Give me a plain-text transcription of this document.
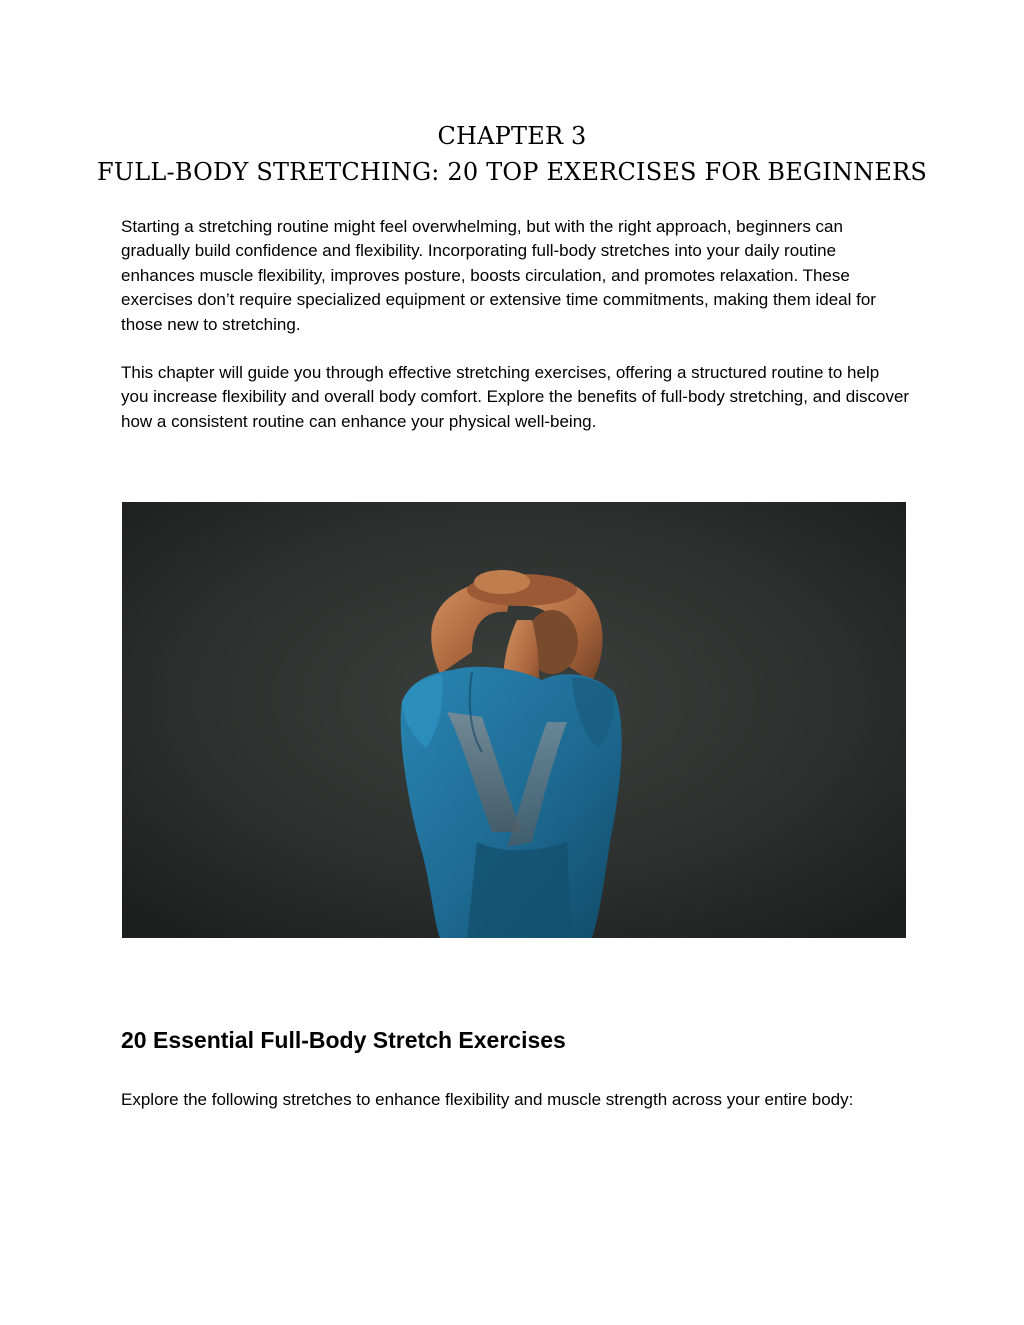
CHAPTER 3
FULL-BODY STRETCHING: 20 TOP EXERCISES FOR BEGINNERS

Starting a stretching routine might feel overwhelming, but with the right approach, beginners can gradually build confidence and flexibility. Incorporating full-body stretches into your daily routine enhances muscle flexibility, improves posture, boosts circulation, and promotes relaxation. These exercises don’t require specialized equipment or extensive time commitments, making them ideal for those new to stretching.

This chapter will guide you through effective stretching exercises, offering a structured routine to help you increase flexibility and overall body comfort. Explore the benefits of full-body stretching, and discover how a consistent routine can enhance your physical well-being.

20 Essential Full-Body Stretch Exercises

Explore the following stretches to enhance flexibility and muscle strength across your entire body:
